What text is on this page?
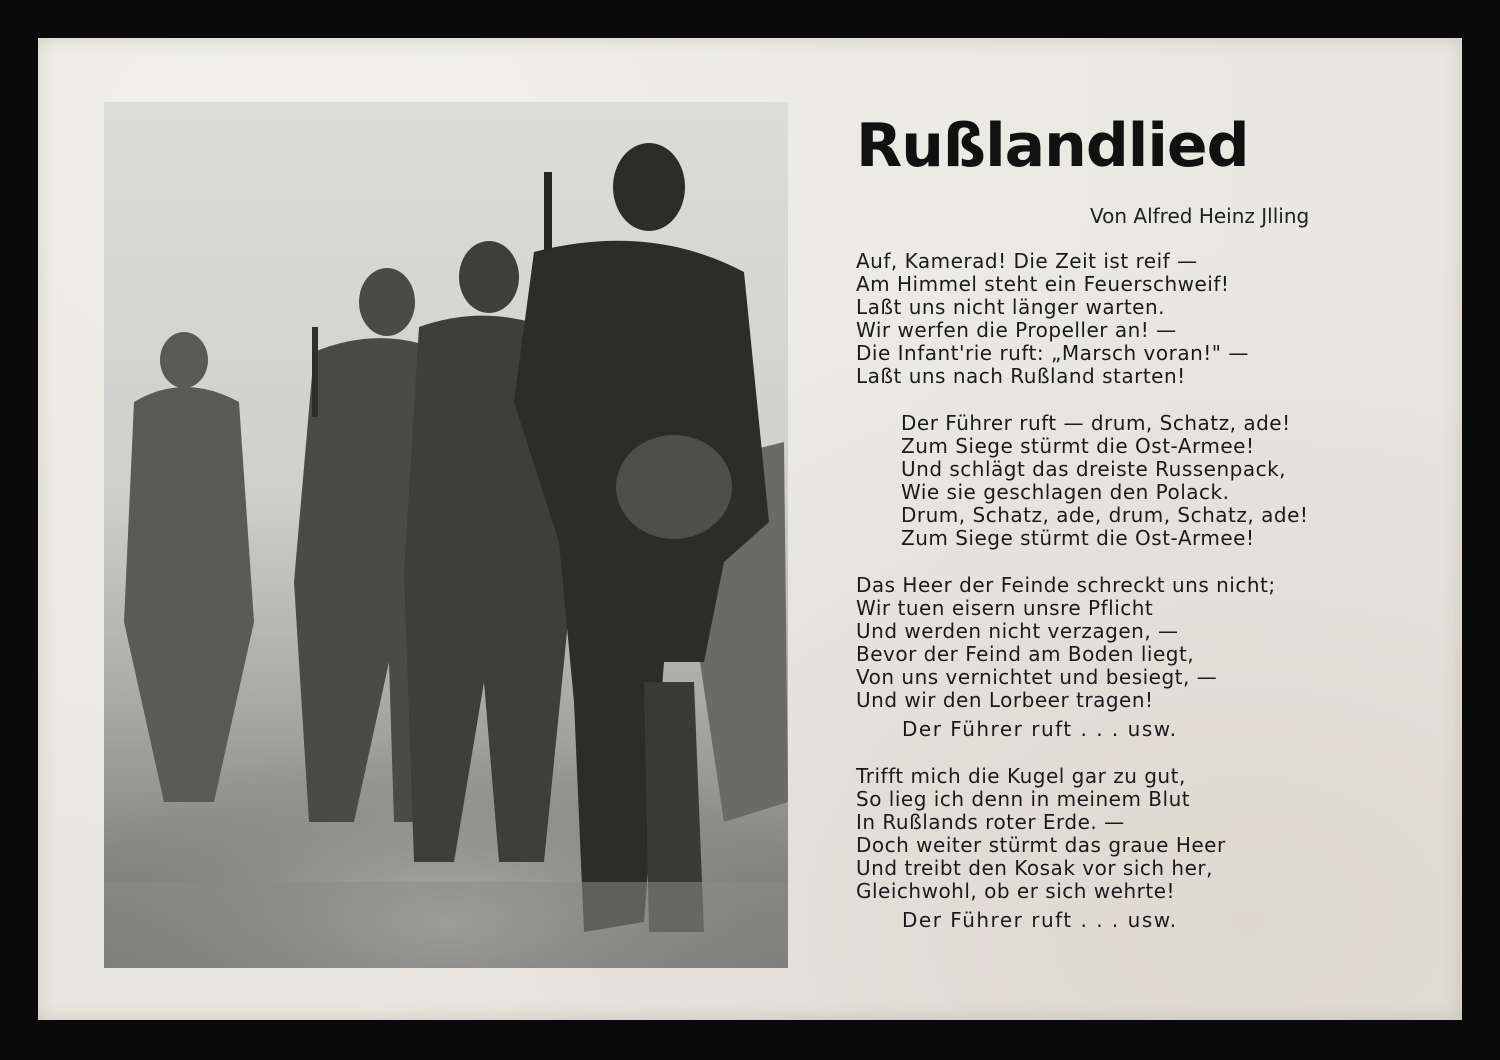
Rußlandlied
Von Alfred Heinz Jlling
Auf, Kamerad! Die Zeit ist reif —
Am Himmel steht ein Feuerschweif!
Laßt uns nicht länger warten.
Wir werfen die Propeller an! —
Die Infant'rie ruft: „Marsch voran!" —
Laßt uns nach Rußland starten!
Der Führer ruft — drum, Schatz, ade!
Zum Siege stürmt die Ost-Armee!
Und schlägt das dreiste Russenpack,
Wie sie geschlagen den Polack.
Drum, Schatz, ade, drum, Schatz, ade!
Zum Siege stürmt die Ost-Armee!
Das Heer der Feinde schreckt uns nicht;
Wir tuen eisern unsre Pflicht
Und werden nicht verzagen, —
Bevor der Feind am Boden liegt,
Von uns vernichtet und besiegt, —
Und wir den Lorbeer tragen!
Der Führer ruft . . . usw.
Trifft mich die Kugel gar zu gut,
So lieg ich denn in meinem Blut
In Rußlands roter Erde. —
Doch weiter stürmt das graue Heer
Und treibt den Kosak vor sich her,
Gleichwohl, ob er sich wehrte!
Der Führer ruft . . . usw.
